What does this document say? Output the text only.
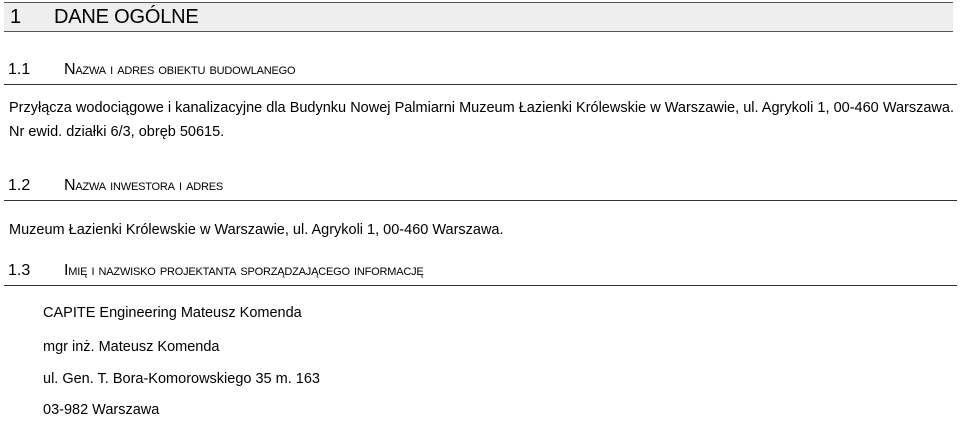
1 DANE OGÓLNE
1.1 Nazwa i adres obiektu budowlanego
Przyłącza wodociągowe i kanalizacyjne dla Budynku Nowej Palmiarni Muzeum Łazienki Królewskie w Warszawie, ul. Agrykoli 1, 00-460 Warszawa. Nr ewid. działki 6/3, obręb 50615.
1.2 Nazwa inwestora i adres
Muzeum Łazienki Królewskie w Warszawie, ul. Agrykoli 1, 00-460 Warszawa.
1.3 Imię i nazwisko projektanta sporządzającego informację
CAPITE Engineering Mateusz Komenda
mgr inż. Mateusz Komenda
ul. Gen. T. Bora-Komorowskiego 35 m. 163
03-982 Warszawa
